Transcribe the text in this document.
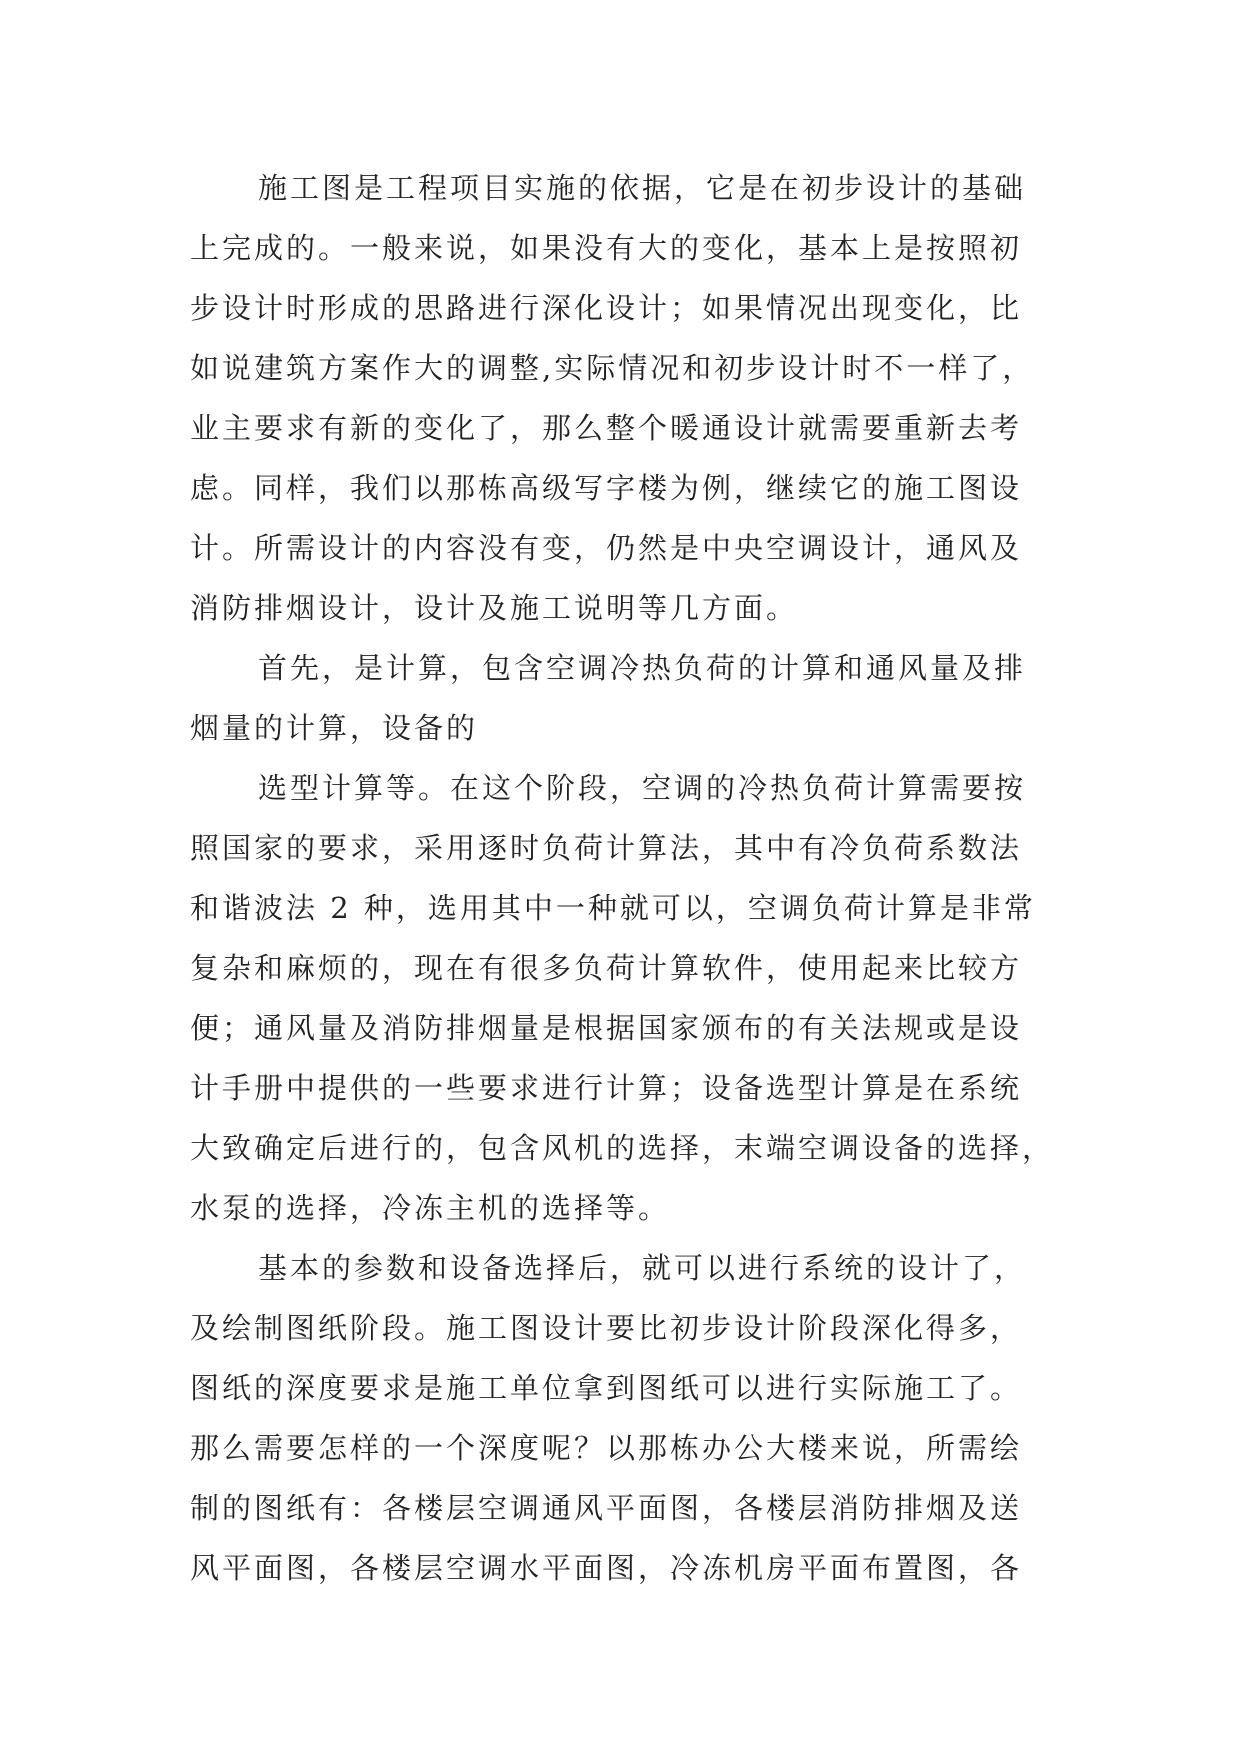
施工图是工程项目实施的依据，它是在初步设计的基础
上完成的。一般来说，如果没有大的变化，基本上是按照初
步设计时形成的思路进行深化设计；如果情况出现变化，比
如说建筑方案作大的调整,实际情况和初步设计时不一样了，
业主要求有新的变化了，那么整个暖通设计就需要重新去考
虑。同样，我们以那栋高级写字楼为例，继续它的施工图设
计。所需设计的内容没有变，仍然是中央空调设计，通风及
消防排烟设计，设计及施工说明等几方面。
首先，是计算，包含空调冷热负荷的计算和通风量及排
烟量的计算，设备的
选型计算等。在这个阶段，空调的冷热负荷计算需要按
照国家的要求，采用逐时负荷计算法，其中有冷负荷系数法
和谐波法 2 种，选用其中一种就可以，空调负荷计算是非常
复杂和麻烦的，现在有很多负荷计算软件，使用起来比较方
便；通风量及消防排烟量是根据国家颁布的有关法规或是设
计手册中提供的一些要求进行计算；设备选型计算是在系统
大致确定后进行的，包含风机的选择，末端空调设备的选择，
水泵的选择，冷冻主机的选择等。
基本的参数和设备选择后，就可以进行系统的设计了，
及绘制图纸阶段。施工图设计要比初步设计阶段深化得多，
图纸的深度要求是施工单位拿到图纸可以进行实际施工了。
那么需要怎样的一个深度呢？以那栋办公大楼来说，所需绘
制的图纸有：各楼层空调通风平面图，各楼层消防排烟及送
风平面图，各楼层空调水平面图，冷冻机房平面布置图，各
